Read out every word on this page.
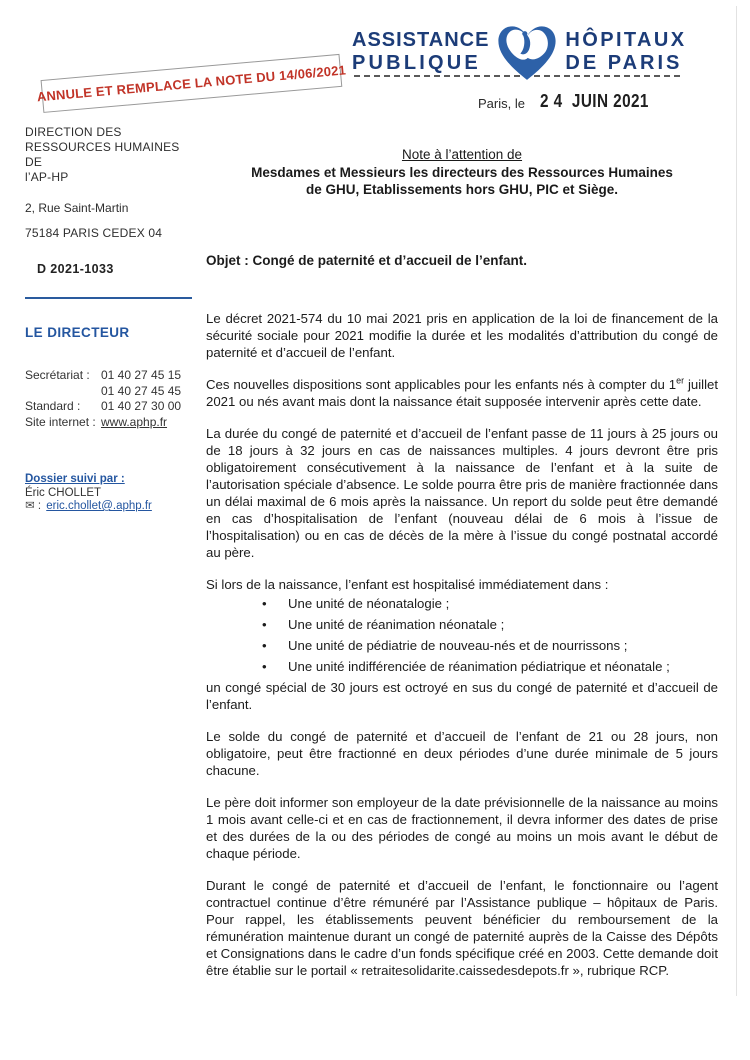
ASSISTANCE
PUBLIQUE
HÔPITAUX
DE PARIS
ANNULE ET REMPLACE LA NOTE DU 14/06/2021	Paris, le 2 4  JUIN 2021
DIRECTION DES
RESSOURCES HUMAINES DE
l’AP-HP
2, Rue Saint-Martin
75184 PARIS CEDEX 04
D 2021-1033
LE DIRECTEUR
Secrétariat : 01 40 27 45 15
01 40 27 45 45
Standard :	01 40 27 30 00
Site internet : www.aphp.fr
Dossier suivi par :
Éric CHOLLET
✉ : eric.chollet@.aphp.fr
Note à l’attention de
Mesdames et Messieurs les directeurs des Ressources Humaines
de GHU, Etablissements hors GHU, PIC et Siège.
Objet : Congé de paternité et d’accueil de l’enfant.

Le décret 2021-574 du 10 mai 2021 pris en application de la loi de financement de la sécurité sociale pour 2021 modifie la durée et les modalités d’attribution du congé de paternité et d’accueil de l’enfant.

Ces nouvelles dispositions sont applicables pour les enfants nés à compter du 1er juillet 2021 ou nés avant mais dont la naissance était supposée intervenir après cette date.

La durée du congé de paternité et d’accueil de l’enfant passe de 11 jours à 25 jours ou de 18 jours à 32 jours en cas de naissances multiples. 4 jours devront être pris obligatoirement consécutivement à la naissance de l’enfant et à la suite de l’autorisation spéciale d’absence. Le solde pourra être pris de manière fractionnée dans un délai maximal de 6 mois après la naissance. Un report du solde peut être demandé en cas d’hospitalisation de l’enfant (nouveau délai de 6 mois à l’issue de l’hospitalisation) ou en cas de décès de la mère à l’issue du congé postnatal accordé au père.

Si lors de la naissance, l’enfant est hospitalisé immédiatement dans :

• Une unité de néonatalogie ;
• Une unité de réanimation néonatale ;
• Une unité de pédiatrie de nouveau-nés et de nourrissons ;
• Une unité indifférenciée de réanimation pédiatrique et néonatale ;

un congé spécial de 30 jours est octroyé en sus du congé de paternité et d’accueil de l’enfant.

Le solde du congé de paternité et d’accueil de l’enfant de 21 ou 28 jours, non obligatoire, peut être fractionné en deux périodes d’une durée minimale de 5 jours chacune.

Le père doit informer son employeur de la date prévisionnelle de la naissance au moins 1 mois avant celle-ci et en cas de fractionnement, il devra informer des dates de prise et des durées de la ou des périodes de congé au moins un mois avant le début de chaque période.

Durant le congé de paternité et d’accueil de l’enfant, le fonctionnaire ou l’agent contractuel continue d’être rémunéré par l’Assistance publique – hôpitaux de Paris. Pour rappel, les établissements peuvent bénéficier du remboursement de la rémunération maintenue durant un congé de paternité auprès de la Caisse des Dépôts et Consignations dans le cadre d’un fonds spécifique créé en 2003. Cette demande doit être établie sur le portail « retraitesolidarite.caissedesdepots.fr », rubrique RCP.
